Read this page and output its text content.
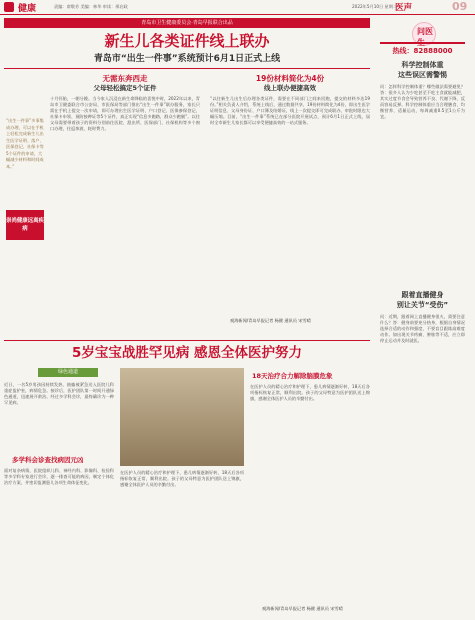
健康	责编：席敬芳 美编：林华 审读：邢启政	2022年5月10日 星期二
医声	09
青岛市卫生健康委员会·青岛早报联合出品
新生儿各类证件线上联办
青岛市“出生一件事”系统预计6月1日正式上线
无需东奔西走
父母轻松搞定5个证件
十月怀胎，一朝分娩。当今家人沉浸在新生命降临的喜悦中时，2022年以来，青岛市卫健委联合市公安局、市医保局等部门推出“出生一件事”联办服务，家长只需在手机上提交一次申请，即可办理出生医学证明、户口登记、医保参保登记、社保卡申领、预防接种证等5个证件，真正实现“信息多跑路，群众少跑腿”。以往父母需要带着孩子的资料分别前往医院、派出所、医保部门、社保机构等多个窗口办理，往返奔波、耗时费力。
19份材料简化为4份
线上联办便捷高效
“以往新生儿出生后办理各类证件，需要在不同部门之间来回跑，提交的材料多达19份。”相关负责人介绍，系统上线后，通过数据共享，19份材料简化为4份，即出生医学证明信息、父母身份证、户口簿及结婚证，线上一次提交即可完成联办，审批时限也大幅压缩。目前，“出生一件事”系统已在部分医院开展试点，预计6月1日正式上线，届时全市新生儿家长都可以享受便捷高效的一站式服务。
观海新闻/青岛早报记者 杨健 通讯员 宋雪晴
“出生一件事”多事集成办理，可以在手机上轻松完成新生儿出生医学证明、落户、医保登记、社保卡等5个证件的申请，大幅减少材料和时间成本。”
崇尚健康远离疾病
问医
热线：82888000
科学控制体重
这些误区需警惕
问：怎样科学控制体重？哪些做法需要避免？答：很多人认为少吃甚至不吃主食就能减肥，其实过度节食会导致营养不良、代谢下降，反而容易反弹。科学控制体重应当合理膳食、均衡营养、适量运动，每周减重0.5至1公斤为宜。
跟着直播健身
别让关节“受伤”
问：近期，跟着网上直播健身很火，需要注意什么？答：健身前要充分热身，根据自身情况选择合适的动作和强度，不要盲目跟练高难度动作。如出现关节疼痛、肿胀等不适，应立即停止运动并及时就医。
5岁宝宝战胜罕见病 感恩全体医护努力
绿色通道
近日，一名5岁男孩因持续发热、抽搐被紧急送入医院儿科重症监护室，病情危急。接诊后，医护团队第一时间开通绿色通道，迅速展开救治。经过多学科会诊，最终确诊为一种罕见病。
多学科会诊查找病因元凶
面对复杂病情，医院组织儿科、神经内科、影像科、检验科等多学科专家进行会诊，逐一排查可能的病因，制定个体化治疗方案，并密切监测患儿各项生命体征变化。
在医护人员的精心治疗和护理下，患儿病情逐渐好转，18天后各项指标恢复正常，顺利出院。孩子的父母特意为医护团队送上锦旗，感谢全体医护人员的辛勤付出。
18天治疗合力解除脑膜危象
在医护人员的精心治疗和护理下，患儿病情逐渐好转，18天后各项指标恢复正常，顺利出院。孩子的父母特意为医护团队送上锦旗，感谢全体医护人员的辛勤付出。
观海新闻/青岛早报记者 杨健 通讯员 宋雪晴
